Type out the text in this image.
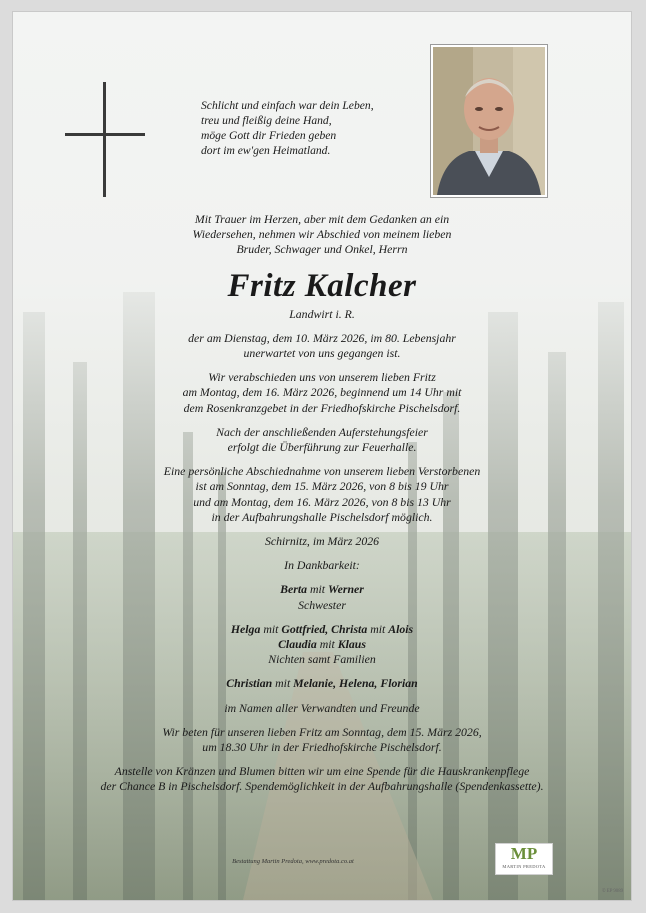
Schlicht und einfach war dein Leben,
treu und fleißig deine Hand,
möge Gott dir Frieden geben
dort im ew'gen Heimatland.
Mit Trauer im Herzen, aber mit dem Gedanken an ein
Wiedersehen, nehmen wir Abschied von meinem lieben
Bruder, Schwager und Onkel, Herrn
Fritz Kalcher
Landwirt i. R.
der am Dienstag, dem 10. März 2026, im 80. Lebensjahr
unerwartet von uns gegangen ist.
Wir verabschieden uns von unserem lieben Fritz
am Montag, dem 16. März 2026, beginnend um 14 Uhr mit
dem Rosenkranzgebet in der Friedhofskirche Pischelsdorf.
Nach der anschließenden Auferstehungsfeier
erfolgt die Überführung zur Feuerhalle.
Eine persönliche Abschiednahme von unserem lieben Verstorbenen
ist am Sonntag, dem 15. März 2026, von 8 bis 19 Uhr
und am Montag, dem 16. März 2026, von 8 bis 13 Uhr
in der Aufbahrungshalle Pischelsdorf möglich.
Schirnitz, im März 2026
In Dankbarkeit:
Berta mit Werner
Schwester
Helga mit Gottfried, Christa mit Alois
Claudia mit Klaus
Nichten samt Familien
Christian mit Melanie, Helena, Florian
im Namen aller Verwandten und Freunde
Wir beten für unseren lieben Fritz am Sonntag, dem 15. März 2026,
um 18.30 Uhr in der Friedhofskirche Pischelsdorf.
Anstelle von Kränzen und Blumen bitten wir um eine Spende für die Hauskrankenpflege
der Chance B in Pischelsdorf. Spendemöglichkeit in der Aufbahrungshalle (Spendenkassette).
Bestattung Martin Predota, www.predota.co.at	MP
MARTIN PREDOTA
© EP 9089
